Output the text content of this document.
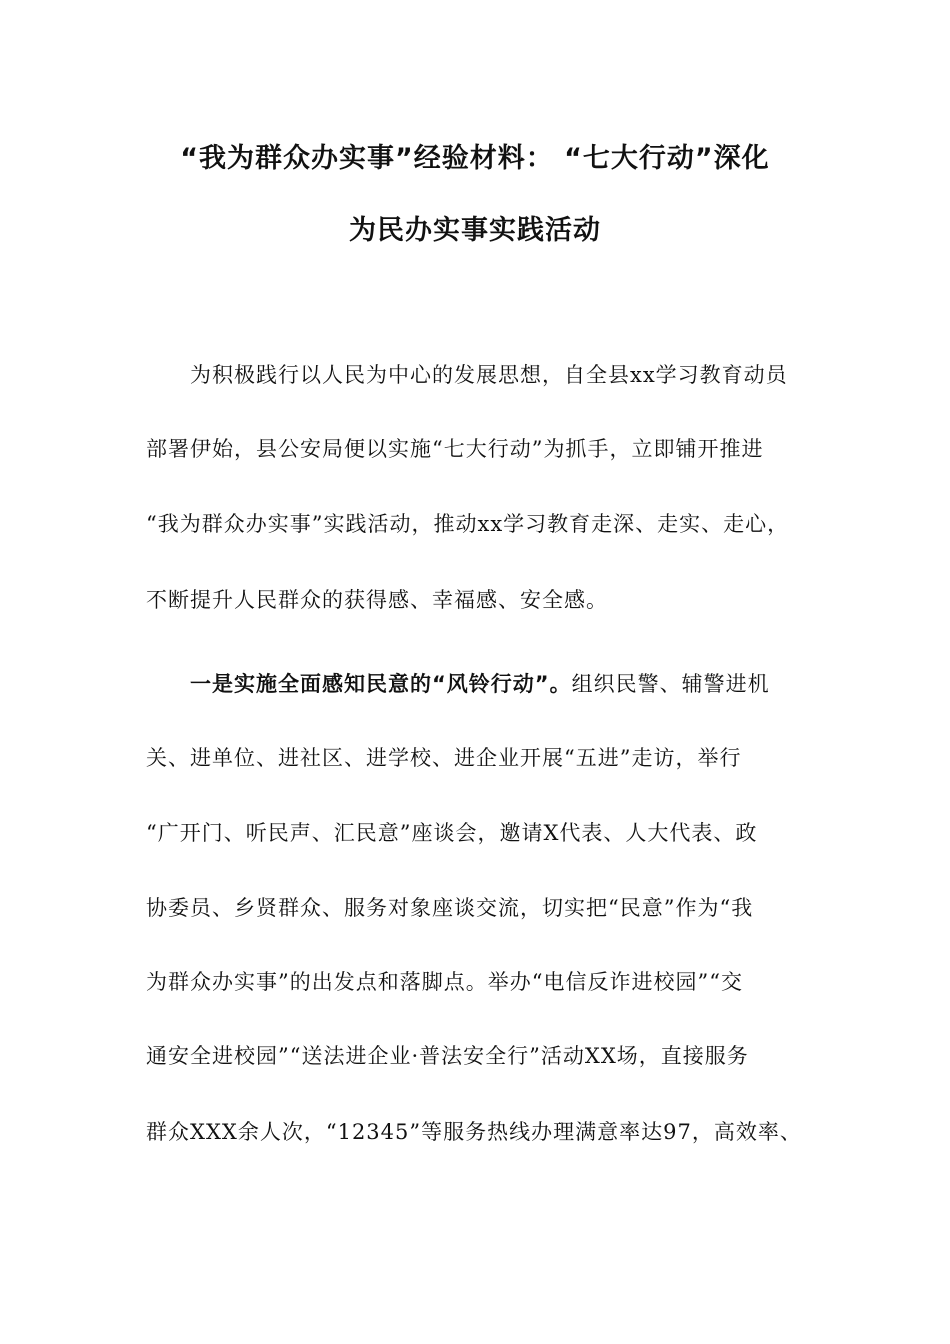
“我为群众办实事”经验材料： “七大行动”深化
为民办实事实践活动
为积极践行以人民为中心的发展思想，自全县xx学习教育动员
部署伊始，县公安局便以实施“七大行动”为抓手，立即铺开推进
“我为群众办实事”实践活动，推动xx学习教育走深、走实、走心，
不断提升人民群众的获得感、幸福感、安全感。
一是实施全面感知民意的“风铃行动”。组织民警、辅警进机
关、进单位、进社区、进学校、进企业开展“五进”走访，举行
“广开门、听民声、汇民意”座谈会，邀请X代表、人大代表、政
协委员、乡贤群众、服务对象座谈交流，切实把“民意”作为“我
为群众办实事”的出发点和落脚点。举办“电信反诈进校园”“交
通安全进校园”“送法进企业·普法安全行”活动XX场，直接服务
群众XXX余人次，“12345”等服务热线办理满意率达97，高效率、
